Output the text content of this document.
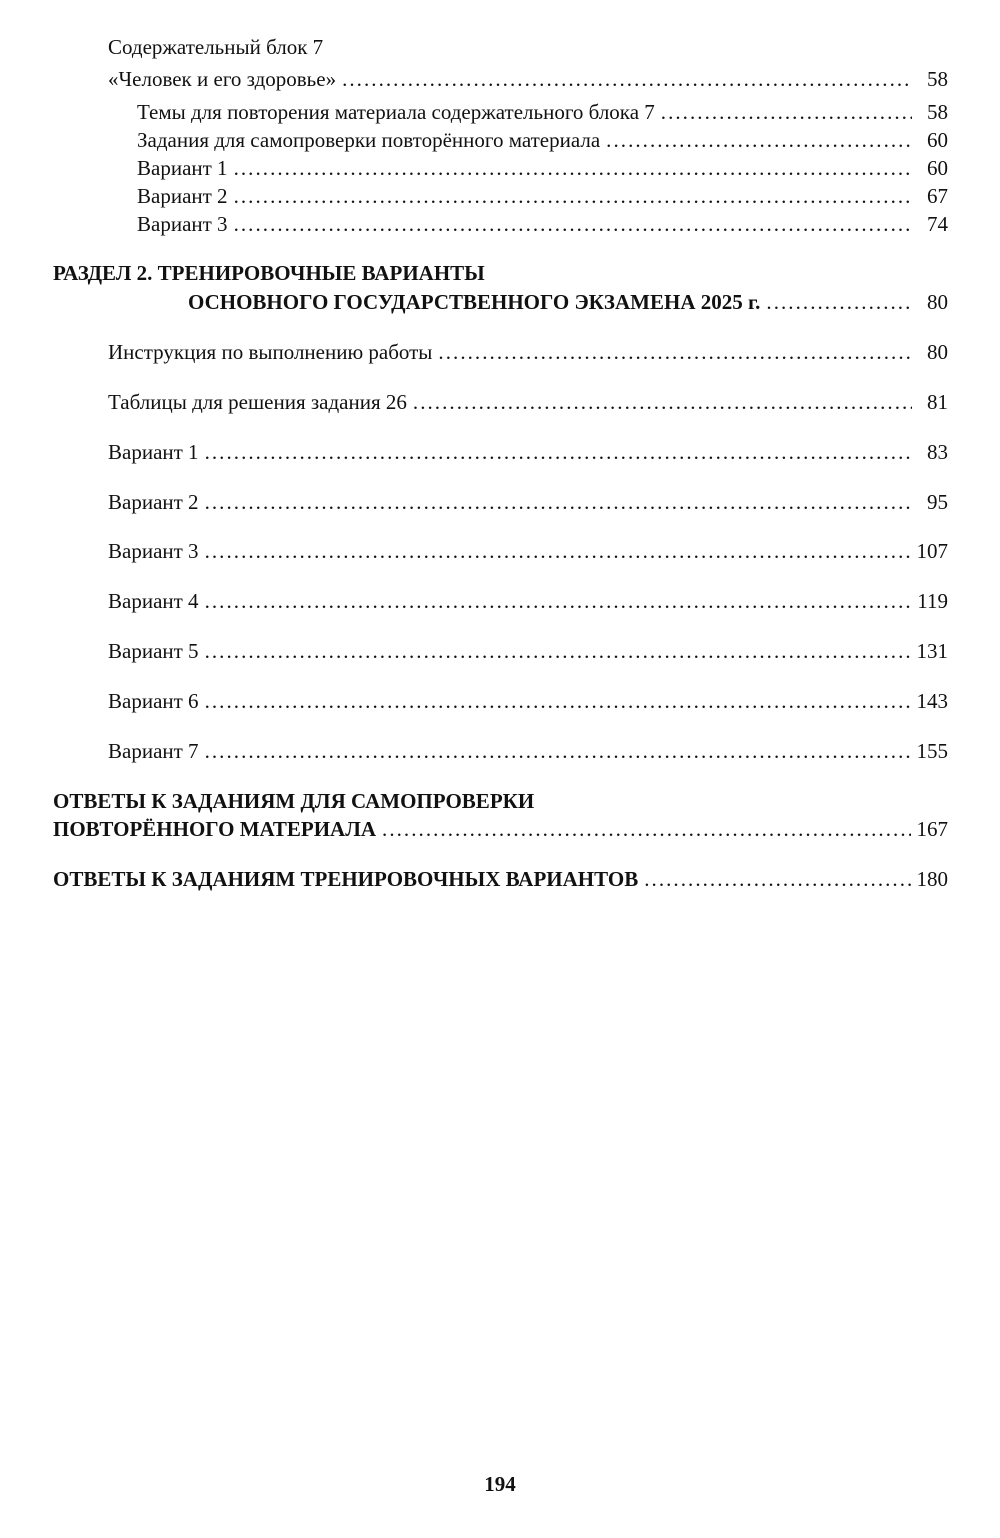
Содержательный блок 7
«Человек и его здоровье» . . .	58
Темы для повторения материала содержательного блока 7 . . .	58
Задания для самопроверки повторённого материала . . .	60
Вариант 1 . . .	60
Вариант 2 . . .	67
Вариант 3 . . .	74
РАЗДЕЛ 2. ТРЕНИРОВОЧНЫЕ ВАРИАНТЫ
ОСНОВНОГО ГОСУДАРСТВЕННОГО ЭКЗАМЕНА 2025 г. . . .	80
Инструкция по выполнению работы . . .	80
Таблицы для решения задания 26 . . .	81
Вариант 1 . . .	83
Вариант 2 . . .	95
Вариант 3 . . .	107
Вариант 4 . . .	119
Вариант 5 . . .	131
Вариант 6 . . .	143
Вариант 7 . . .	155
ОТВЕТЫ К ЗАДАНИЯМ ДЛЯ САМОПРОВЕРКИ
ПОВТОРЁННОГО МАТЕРИАЛА . . .	167
ОТВЕТЫ К ЗАДАНИЯМ ТРЕНИРОВОЧНЫХ ВАРИАНТОВ . . .	180
194
